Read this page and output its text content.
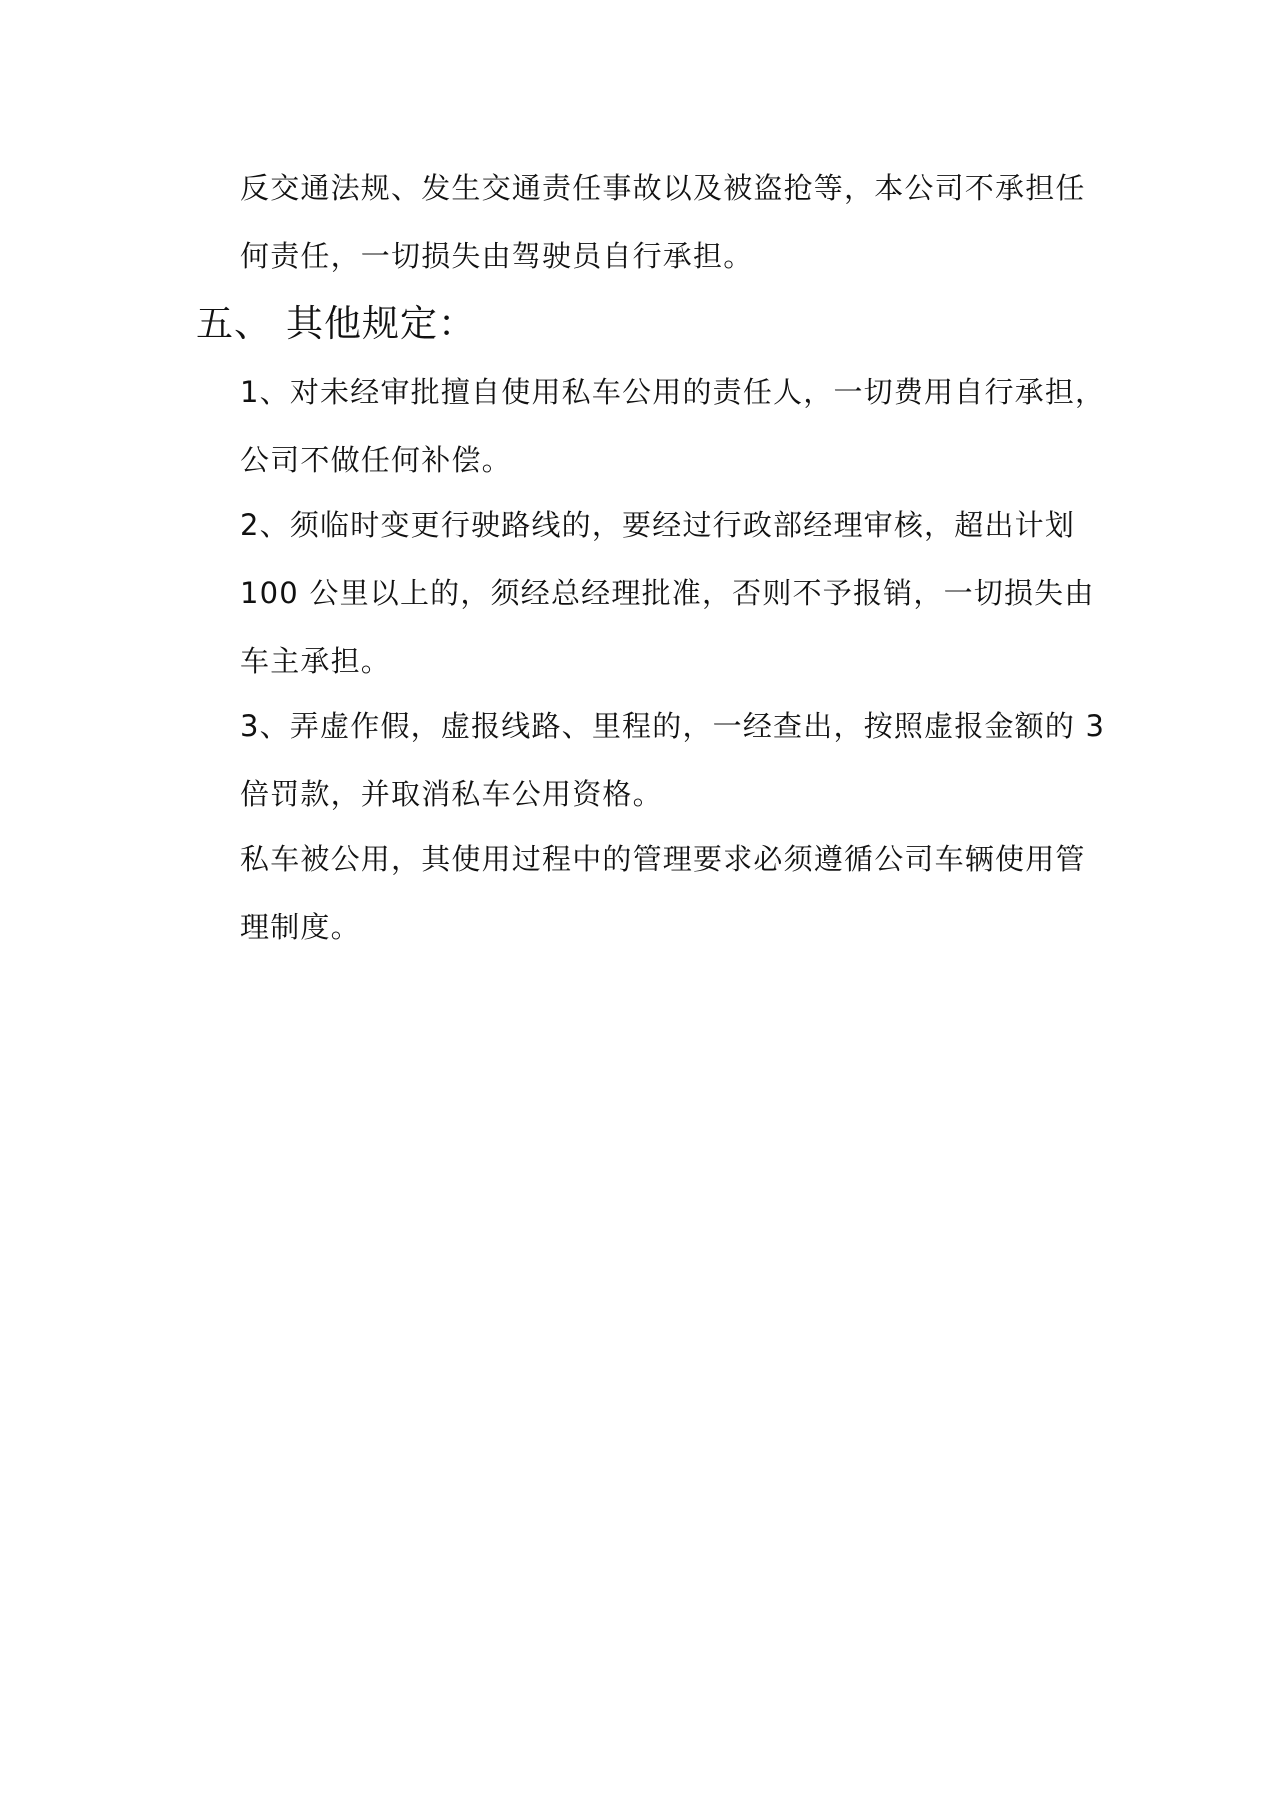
反交通法规、发生交通责任事故以及被盗抢等，本公司不承担任
何责任，一切损失由驾驶员自行承担。
五、 其他规定：
1、对未经审批擅自使用私车公用的责任人，一切费用自行承担，
公司不做任何补偿。
2、须临时变更行驶路线的，要经过行政部经理审核，超出计划
100 公里以上的，须经总经理批准，否则不予报销，一切损失由
车主承担。
3、弄虚作假，虚报线路、里程的，一经查出，按照虚报金额的 3
倍罚款，并取消私车公用资格。
私车被公用，其使用过程中的管理要求必须遵循公司车辆使用管
理制度。
